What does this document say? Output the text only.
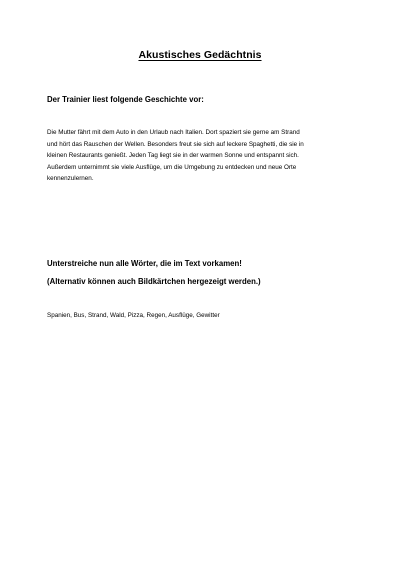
Akustisches Gedächtnis

Der Trainier liest folgende Geschichte vor:

Die Mutter fährt mit dem Auto in den Urlaub nach Italien. Dort spaziert sie gerne am Strand
und hört das Rauschen der Wellen. Besonders freut sie sich auf leckere Spaghetti, die sie in
kleinen Restaurants genießt. Jeden Tag liegt sie in der warmen Sonne und entspannt sich.
Außerdem unternimmt sie viele Ausflüge, um die Umgebung zu entdecken und neue Orte
kennenzulernen.

Unterstreiche nun alle Wörter, die im Text vorkamen!

(Alternativ können auch Bildkärtchen hergezeigt werden.)

Spanien, Bus, Strand, Wald, Pizza, Regen, Ausflüge, Gewitter
